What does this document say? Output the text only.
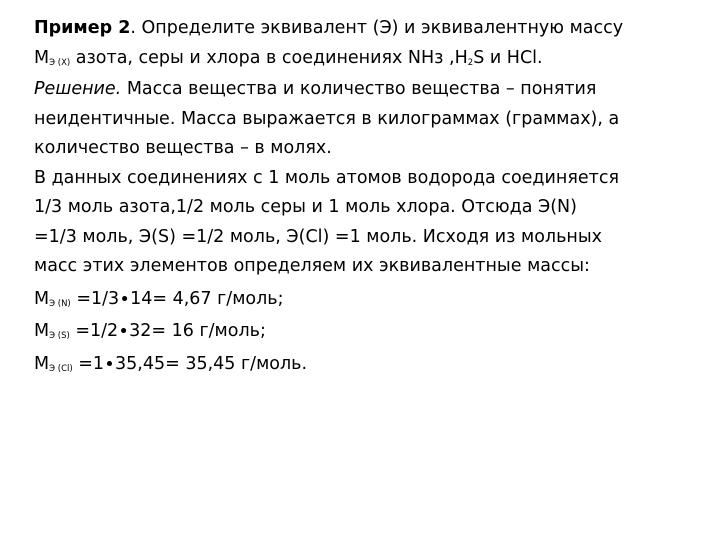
Пример 2. Определите эквивалент (Э) и эквивалентную массу
$M_{Э (X)}$ азота, серы и хлора в соединениях NHз $,H_2S$ и HCl.
Решение. Масса вещества и количество вещества – понятия
неидентичные. Масса выражается в килограммах (граммах), а
количество вещества – в молях.
В данных соединениях с 1 моль атомов водорода соединяется
1/3 моль азота,1/2 моль серы и 1 моль хлора. Отсюда Э(N)
=1/3 моль, Э(S) =1/2 моль, Э(Cl) =1 моль. Исходя из мольных
масс этих элементов определяем их эквивалентные массы:
$M_{Э (N)} =1/3\cdot 14= 4,67$ г/моль;
$M_{Э (S)} =1/2\cdot 32= 16$ г/моль;
$M_{Э (Cl)} =1\cdot 35,45= 35,45$ г/моль.
